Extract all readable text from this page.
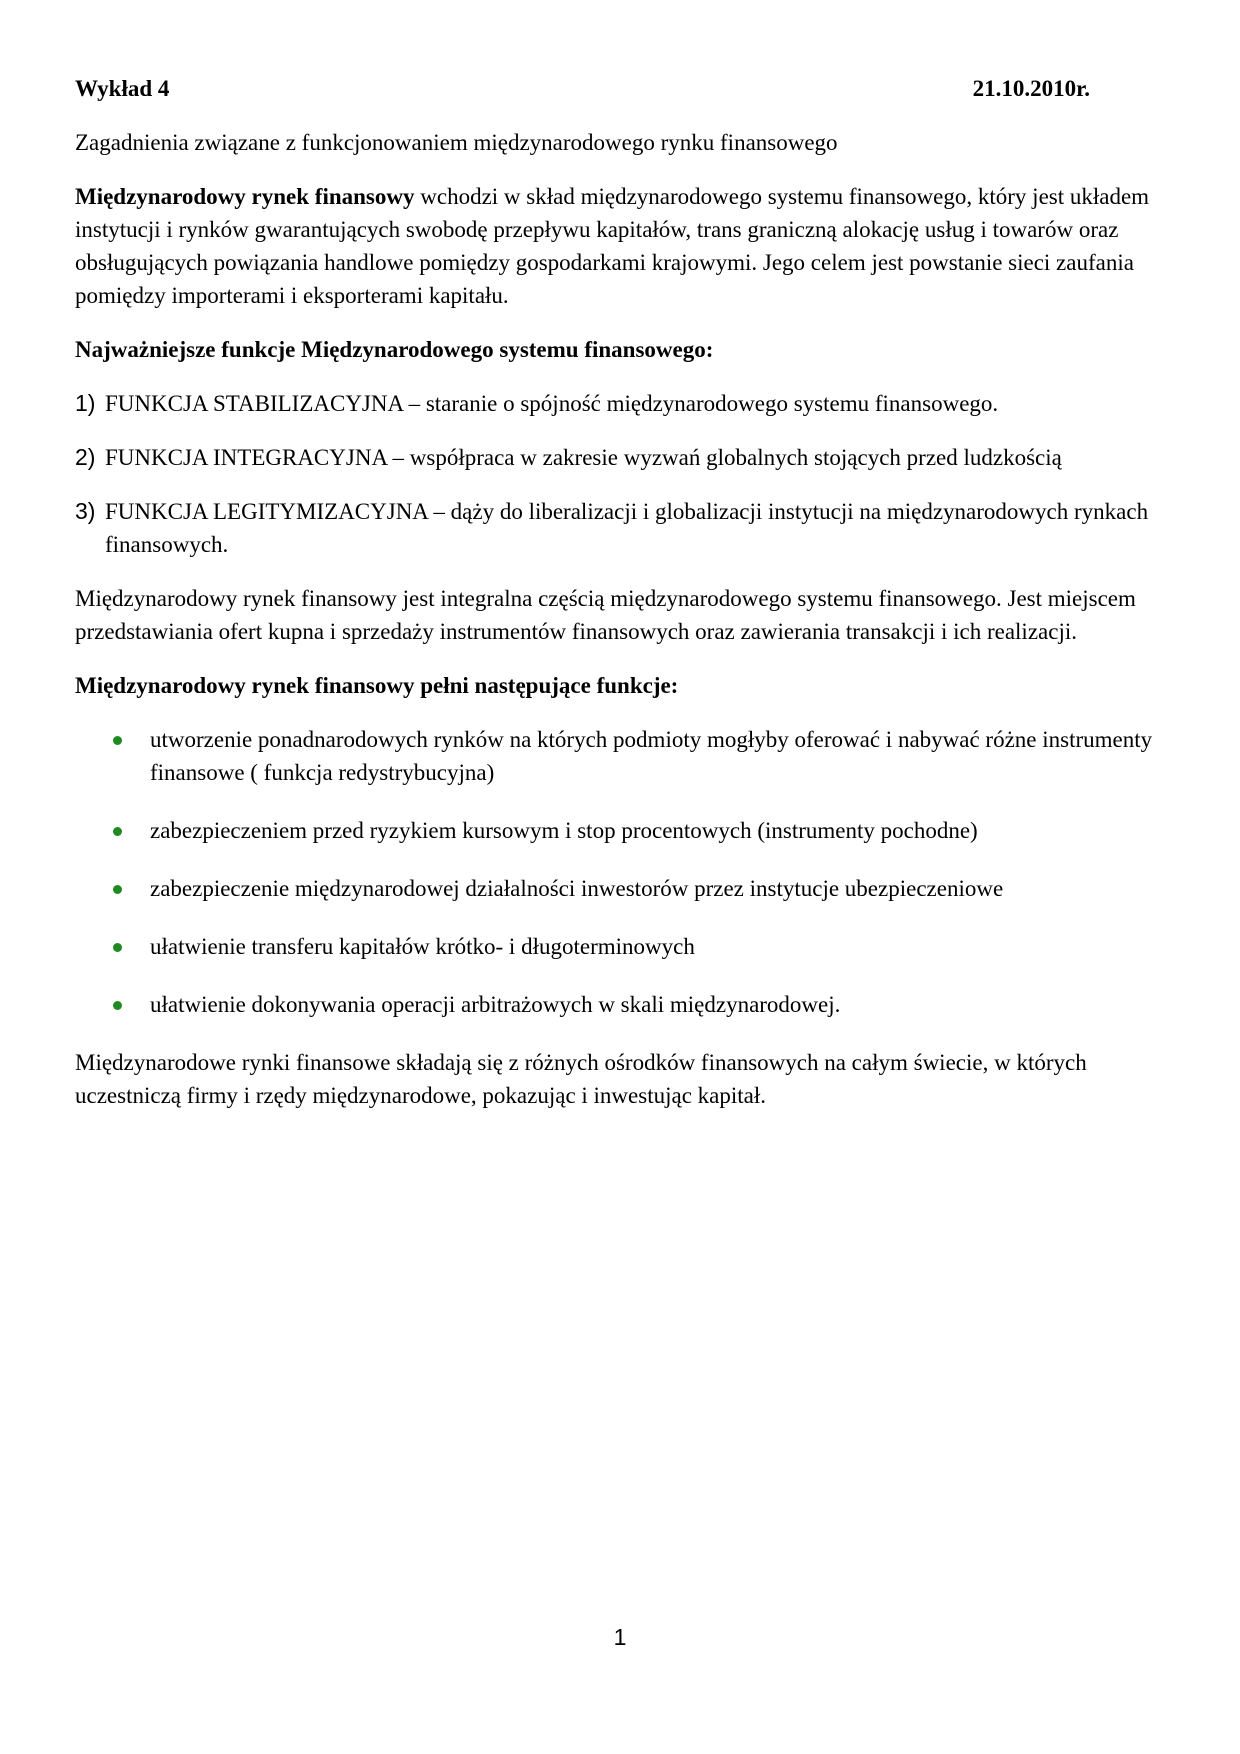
Wykład 4	21.10.2010r.

Zagadnienia związane z funkcjonowaniem międzynarodowego rynku finansowego

Międzynarodowy rynek finansowy wchodzi w skład międzynarodowego systemu finansowego, który jest układem instytucji i rynków gwarantujących swobodę przepływu kapitałów, trans graniczną alokację usług i towarów oraz obsługujących powiązania handlowe pomiędzy gospodarkami krajowymi. Jego celem jest powstanie sieci zaufania pomiędzy importerami i eksporterami kapitału.

Najważniejsze funkcje Międzynarodowego systemu finansowego:

1) FUNKCJA STABILIZACYJNA – staranie o spójność międzynarodowego systemu finansowego.
2) FUNKCJA INTEGRACYJNA – współpraca w zakresie wyzwań globalnych stojących przed ludzkością
3) FUNKCJA LEGITYMIZACYJNA – dąży do liberalizacji i globalizacji instytucji na międzynarodowych rynkach finansowych.

Międzynarodowy rynek finansowy jest integralna częścią międzynarodowego systemu finansowego. Jest miejscem przedstawiania ofert kupna i sprzedaży instrumentów finansowych oraz zawierania transakcji i ich realizacji.

Międzynarodowy rynek finansowy pełni następujące funkcje:

utworzenie ponadnarodowych rynków na których podmioty mogłyby oferować i nabywać różne instrumenty finansowe ( funkcja redystrybucyjna)
zabezpieczeniem przed ryzykiem kursowym i stop procentowych (instrumenty pochodne)
zabezpieczenie międzynarodowej działalności inwestorów przez instytucje ubezpieczeniowe
ułatwienie transferu kapitałów krótko- i długoterminowych
ułatwienie dokonywania operacji arbitrażowych w skali międzynarodowej.

Międzynarodowe rynki finansowe składają się z różnych ośrodków finansowych na całym świecie, w których uczestniczą firmy i rzędy międzynarodowe, pokazując i inwestując kapitał.

1
